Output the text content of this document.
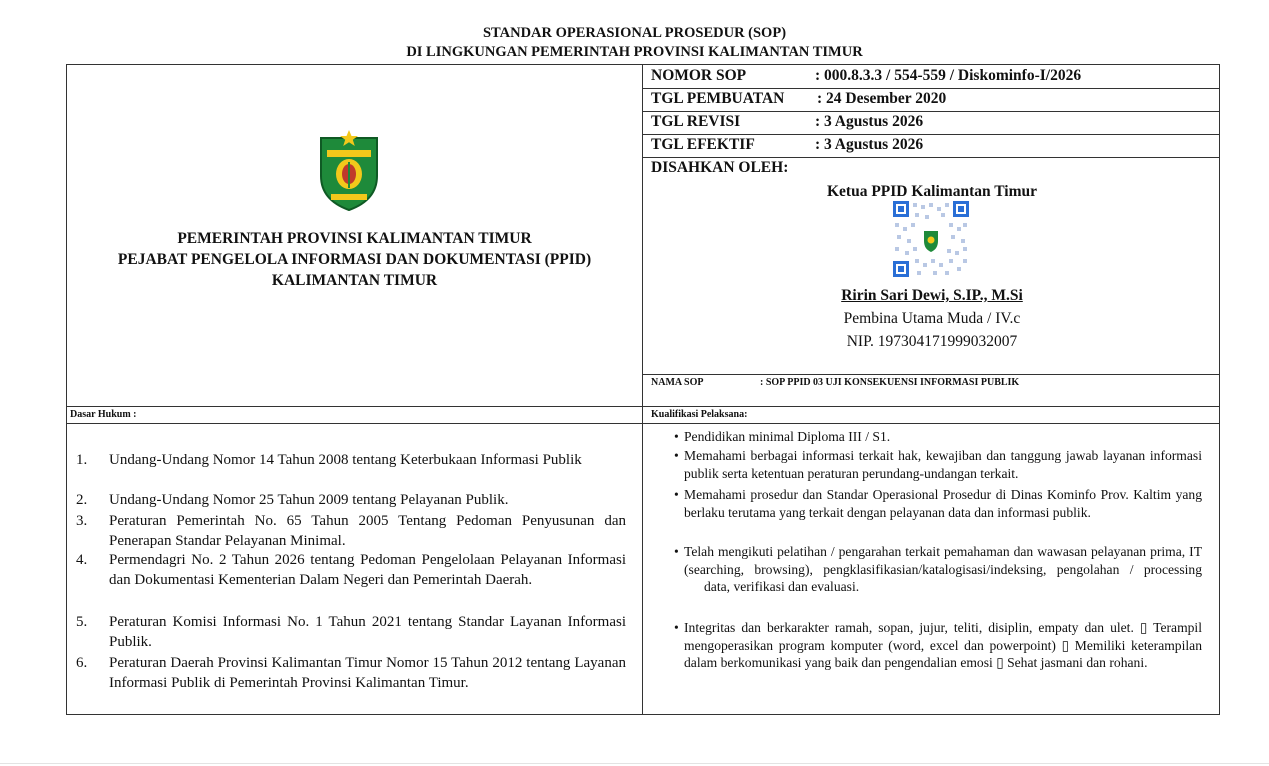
STANDAR OPERASIONAL PROSEDUR (SOP)
DI LINGKUNGAN PEMERINTAH PROVINSI KALIMANTAN TIMUR
PEMERINTAH PROVINSI KALIMANTAN TIMUR
PEJABAT PENGELOLA INFORMASI DAN DOKUMENTASI (PPID)
KALIMANTAN TIMUR
NOMOR SOP	: 000.8.3.3 / 554-559 / Diskominfo-I/2026
TGL PEMBUATAN : 24 Desember 2020
TGL REVISI	: 3 Agustus 2026
TGL EFEKTIF	: 3 Agustus 2026
DISAHKAN OLEH:
Ketua PPID Kalimantan Timur
Ririn Sari Dewi, S.IP., M.Si
Pembina Utama Muda / IV.c
NIP. 197304171999032007
NAMA SOP	: SOP PPID 03 UJI KONSEKUENSI INFORMASI PUBLIK
Dasar Hukum :	Kualifikasi Pelaksana:
1. Undang-Undang Nomor 14 Tahun 2008 tentang Keterbukaan Informasi Publik
2. Undang-Undang Nomor 25 Tahun 2009 tentang Pelayanan Publik.
3. Peraturan Pemerintah No. 65 Tahun 2005 Tentang Pedoman Penyusunan dan Penerapan Standar Pelayanan Minimal.
4. Permendagri No. 2 Tahun 2026 tentang Pedoman Pengelolaan Pelayanan Informasi dan Dokumentasi Kementerian Dalam Negeri dan Pemerintah Daerah.
5. Peraturan Komisi Informasi No. 1 Tahun 2021 tentang Standar Layanan Informasi Publik.
6. Peraturan Daerah Provinsi Kalimantan Timur Nomor 15 Tahun 2012 tentang Layanan Informasi Publik di Pemerintah Provinsi Kalimantan Timur.
• Pendidikan minimal Diploma III / S1.
• Memahami berbagai informasi terkait hak, kewajiban dan tanggung jawab layanan informasi publik serta ketentuan peraturan perundang-undangan terkait.
• Memahami prosedur dan Standar Operasional Prosedur di Dinas Kominfo Prov. Kaltim yang berlaku terutama yang terkait dengan pelayanan data dan informasi publik.
• Telah mengikuti pelatihan / pengarahan terkait pemahaman dan wawasan pelayanan prima, IT (searching, browsing), pengklasifikasian/katalogisasi/indeksing, pengolahan / processing
data, verifikasi dan evaluasi.
• Integritas dan berkarakter ramah, sopan, jujur, teliti, disiplin, empaty dan ulet. ▯ Terampil mengoperasikan program komputer (word, excel dan powerpoint) ▯ Memiliki keterampilan dalam berkomunikasi yang baik dan pengendalian emosi ▯ Sehat jasmani dan rohani.
